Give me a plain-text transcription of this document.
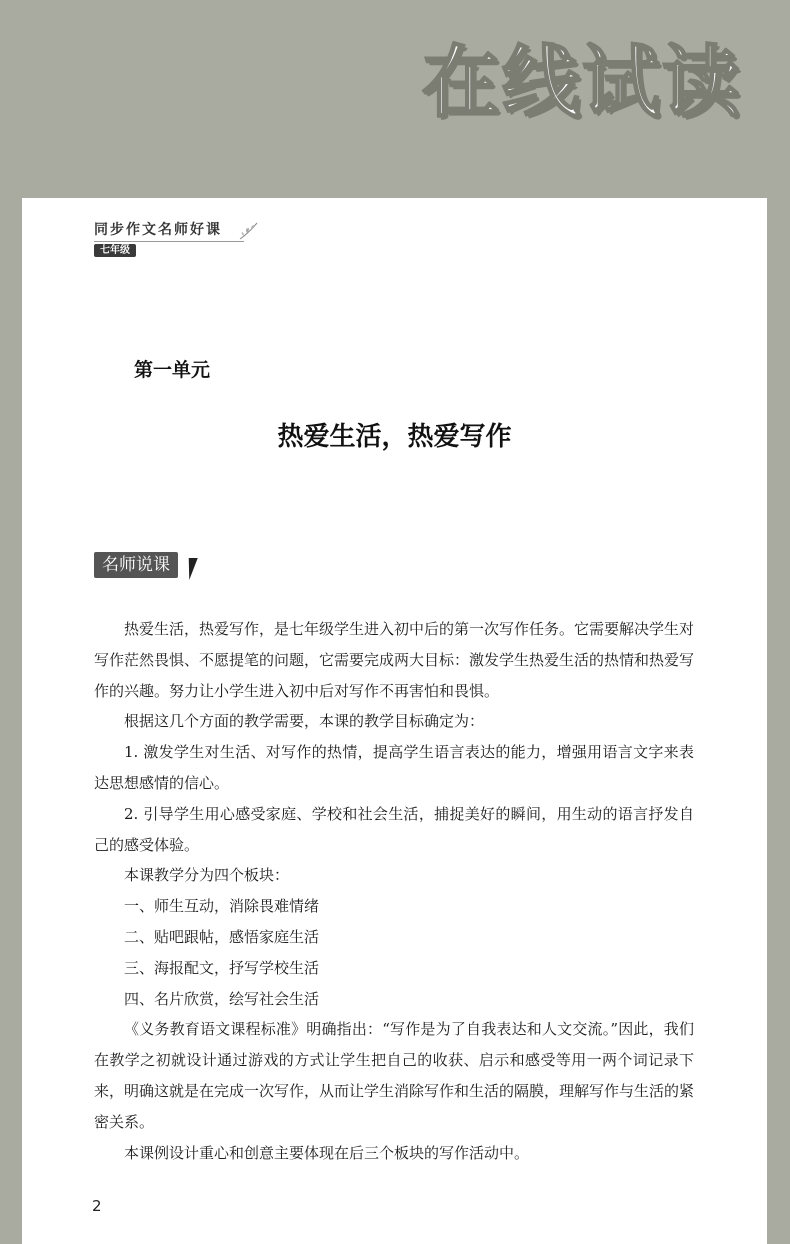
在线试读
同步作文名师好课
七年级
第一单元
热爱生活，热爱写作
名师说课

热爱生活，热爱写作，是七年级学生进入初中后的第一次写作任务。它需要解决学生对写作茫然畏惧、不愿提笔的问题，它需要完成两大目标：激发学生热爱生活的热情和热爱写作的兴趣。努力让小学生进入初中后对写作不再害怕和畏惧。

根据这几个方面的教学需要，本课的教学目标确定为：

1. 激发学生对生活、对写作的热情，提高学生语言表达的能力，增强用语言文字来表达思想感情的信心。

2. 引导学生用心感受家庭、学校和社会生活，捕捉美好的瞬间，用生动的语言抒发自己的感受体验。

本课教学分为四个板块：

一、师生互动，消除畏难情绪

二、贴吧跟帖，感悟家庭生活

三、海报配文，抒写学校生活

四、名片欣赏，绘写社会生活

《义务教育语文课程标准》明确指出：“写作是为了自我表达和人文交流。”因此，我们在教学之初就设计通过游戏的方式让学生把自己的收获、启示和感受等用一两个词记录下来，明确这就是在完成一次写作，从而让学生消除写作和生活的隔膜，理解写作与生活的紧密关系。

本课例设计重心和创意主要体现在后三个板块的写作活动中。

2
